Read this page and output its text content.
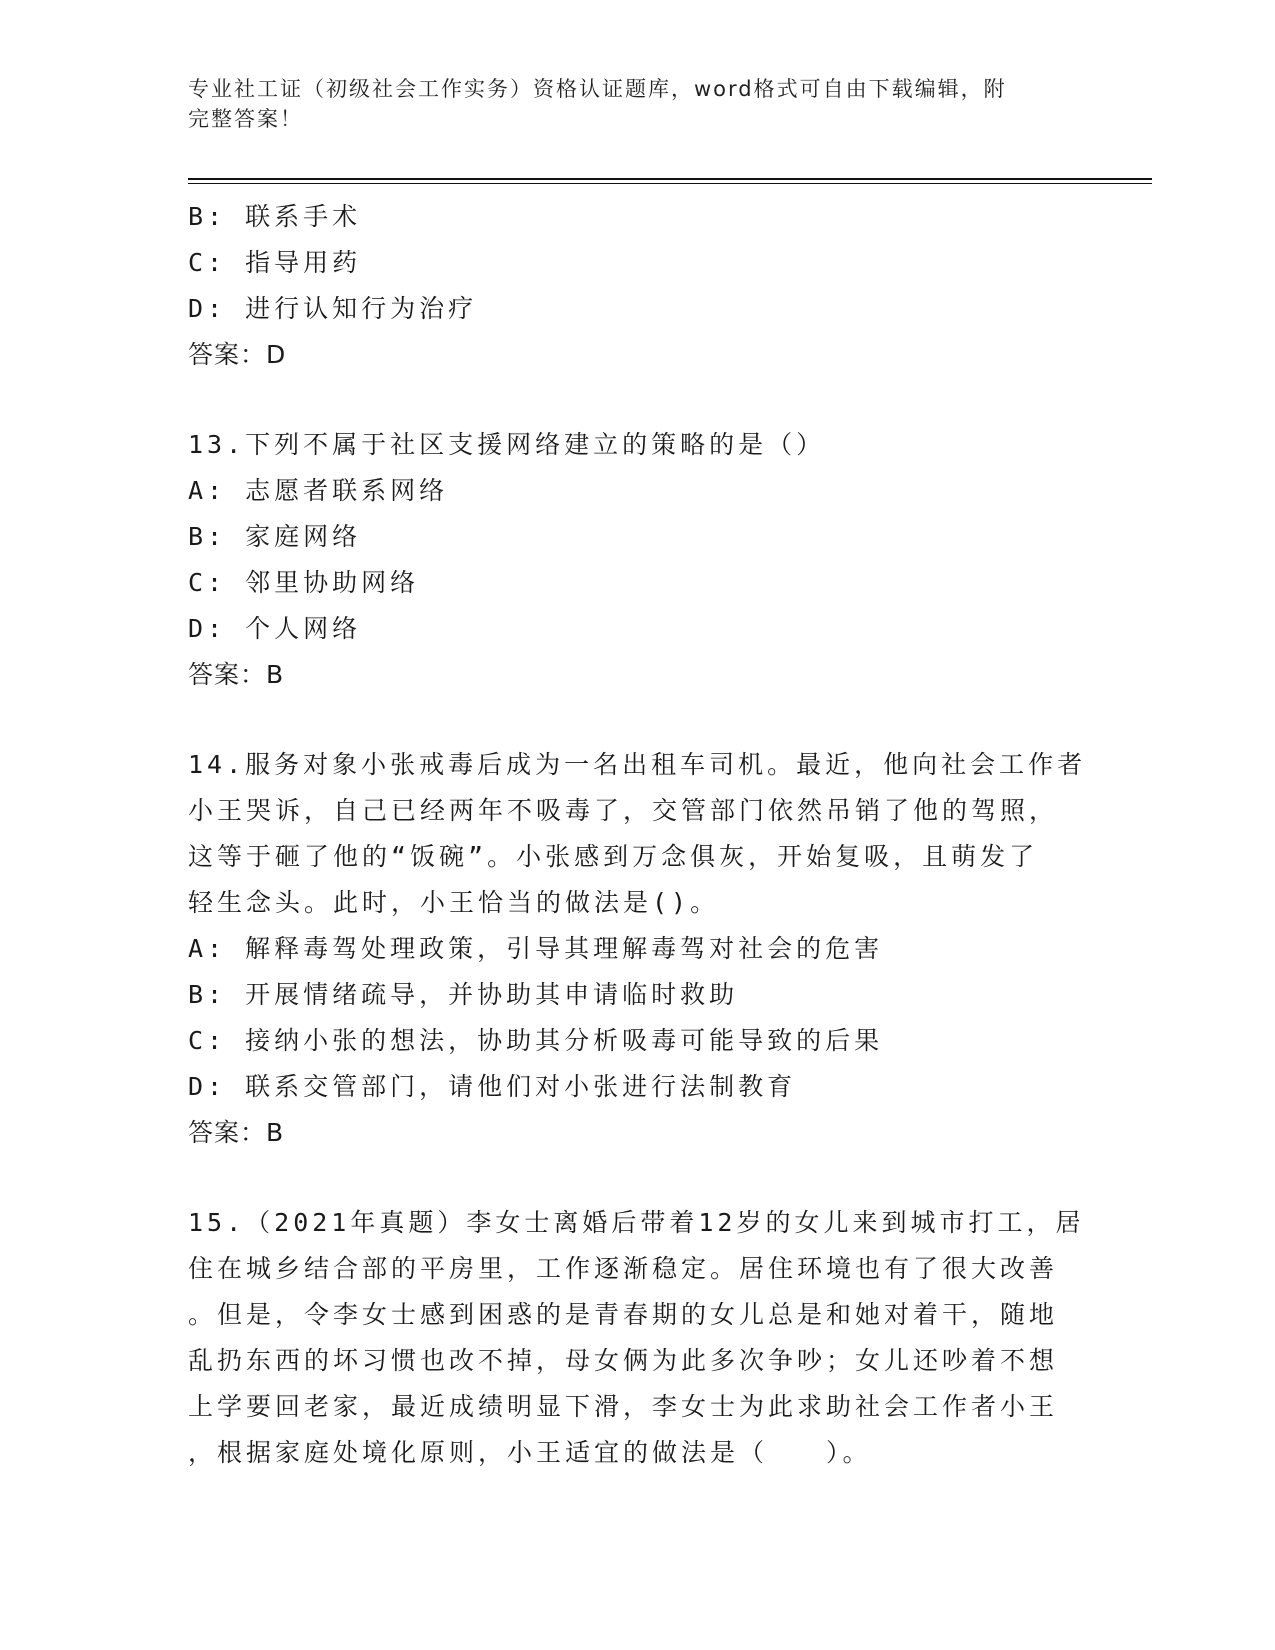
专业社工证（初级社会工作实务）资格认证题库，word格式可自由下载编辑，附
完整答案！
B: 联系手术
C: 指导用药
D: 进行认知行为治疗
答案：D
13.下列不属于社区支援网络建立的策略的是（）
A: 志愿者联系网络
B: 家庭网络
C: 邻里协助网络
D: 个人网络
答案：B
14.服务对象小张戒毒后成为一名出租车司机。最近，他向社会工作者
小王哭诉，自己已经两年不吸毒了，交管部门依然吊销了他的驾照，
这等于砸了他的“饭碗”。小张感到万念俱灰，开始复吸，且萌发了
轻生念头。此时，小王恰当的做法是()。
A: 解释毒驾处理政策，引导其理解毒驾对社会的危害
B: 开展情绪疏导，并协助其申请临时救助
C: 接纳小张的想法，协助其分析吸毒可能导致的后果
D: 联系交管部门，请他们对小张进行法制教育
答案：B
15.（2021年真题）李女士离婚后带着12岁的女儿来到城市打工，居
住在城乡结合部的平房里，工作逐渐稳定。居住环境也有了很大改善
。但是，令李女士感到困惑的是青春期的女儿总是和她对着干，随地
乱扔东西的坏习惯也改不掉，母女俩为此多次争吵；女儿还吵着不想
上学要回老家，最近成绩明显下滑，李女士为此求助社会工作者小王
，根据家庭处境化原则，小王适宜的做法是（　　）。
